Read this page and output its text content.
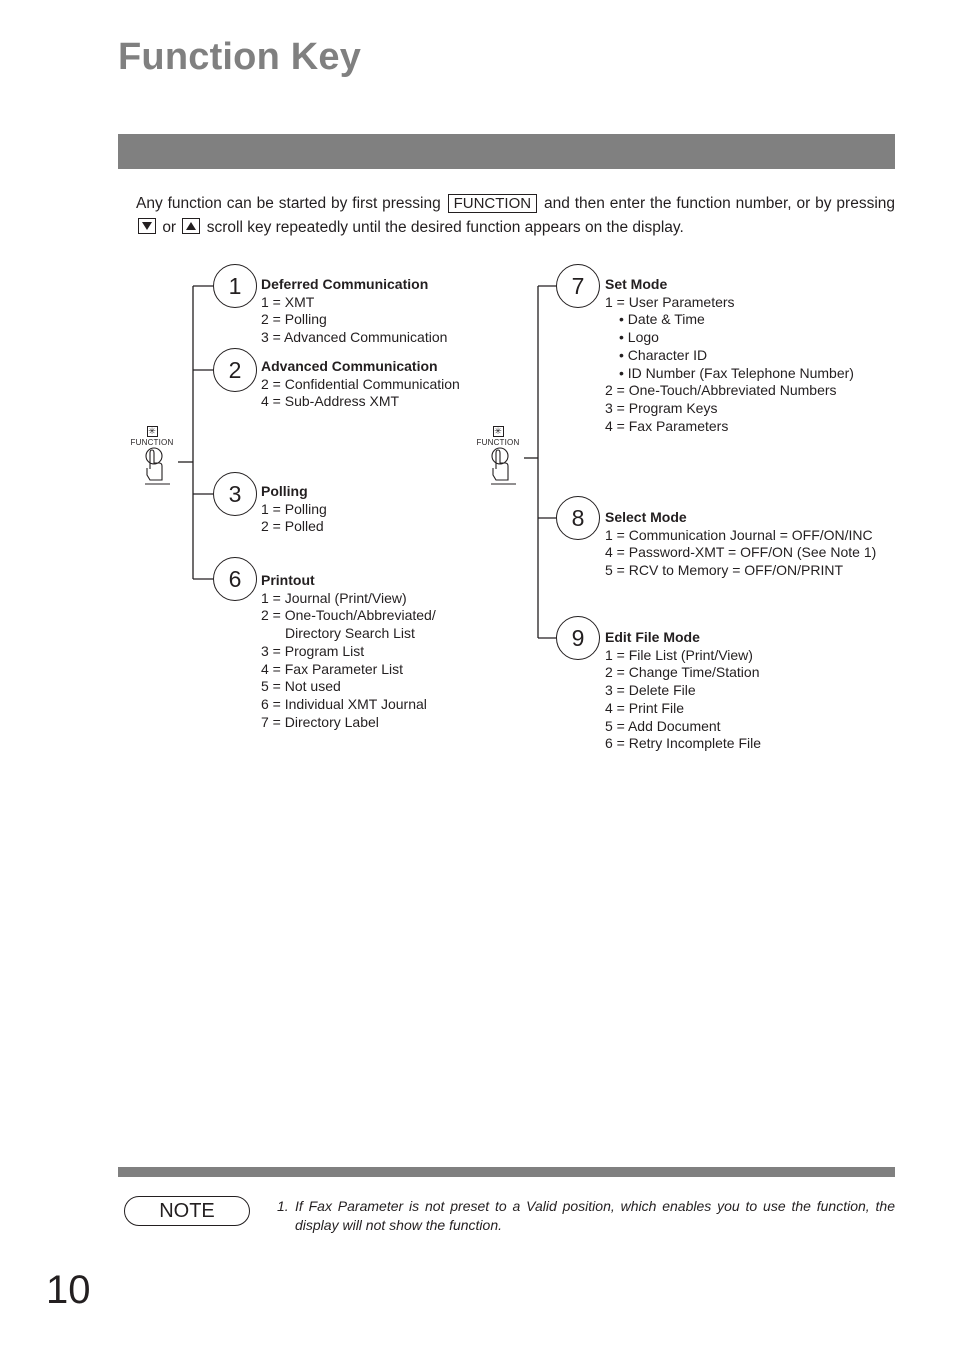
Function Key
Any function can be started by first pressing FUNCTION and then enter the function number, or by pressing
or scroll key repeatedly until the desired function appears on the display.
✳
FUNCTION
✳
FUNCTION
1
2
3
6
Deferred Communication
1 = XMT
2 = Polling
3 = Advanced Communication
Advanced Communication
2 = Confidential Communication
4 = Sub-Address XMT
Polling
1 = Polling
2 = Polled
Printout
1 = Journal (Print/View)
2 = One-Touch/Abbreviated/
Directory Search List
3 = Program List
4 = Fax Parameter List
5 = Not used
6 = Individual XMT Journal
7 = Directory Label
7
8
9
Set Mode
1 = User Parameters
• Date & Time
• Logo
• Character ID
• ID Number (Fax Telephone Number)
2 = One-Touch/Abbreviated Numbers
3 = Program Keys
4 = Fax Parameters
Select Mode
1 = Communication Journal = OFF/ON/INC
4 = Password-XMT = OFF/ON (See Note 1)
5 = RCV to Memory = OFF/ON/PRINT
Edit File Mode
1 = File List (Print/View)
2 = Change Time/Station
3 = Delete File
4 = Print File
5 = Add Document
6 = Retry Incomplete File
NOTE	1. If Fax Parameter is not preset to a Valid position, which enables you to use the function, the display will not show the function.
10
